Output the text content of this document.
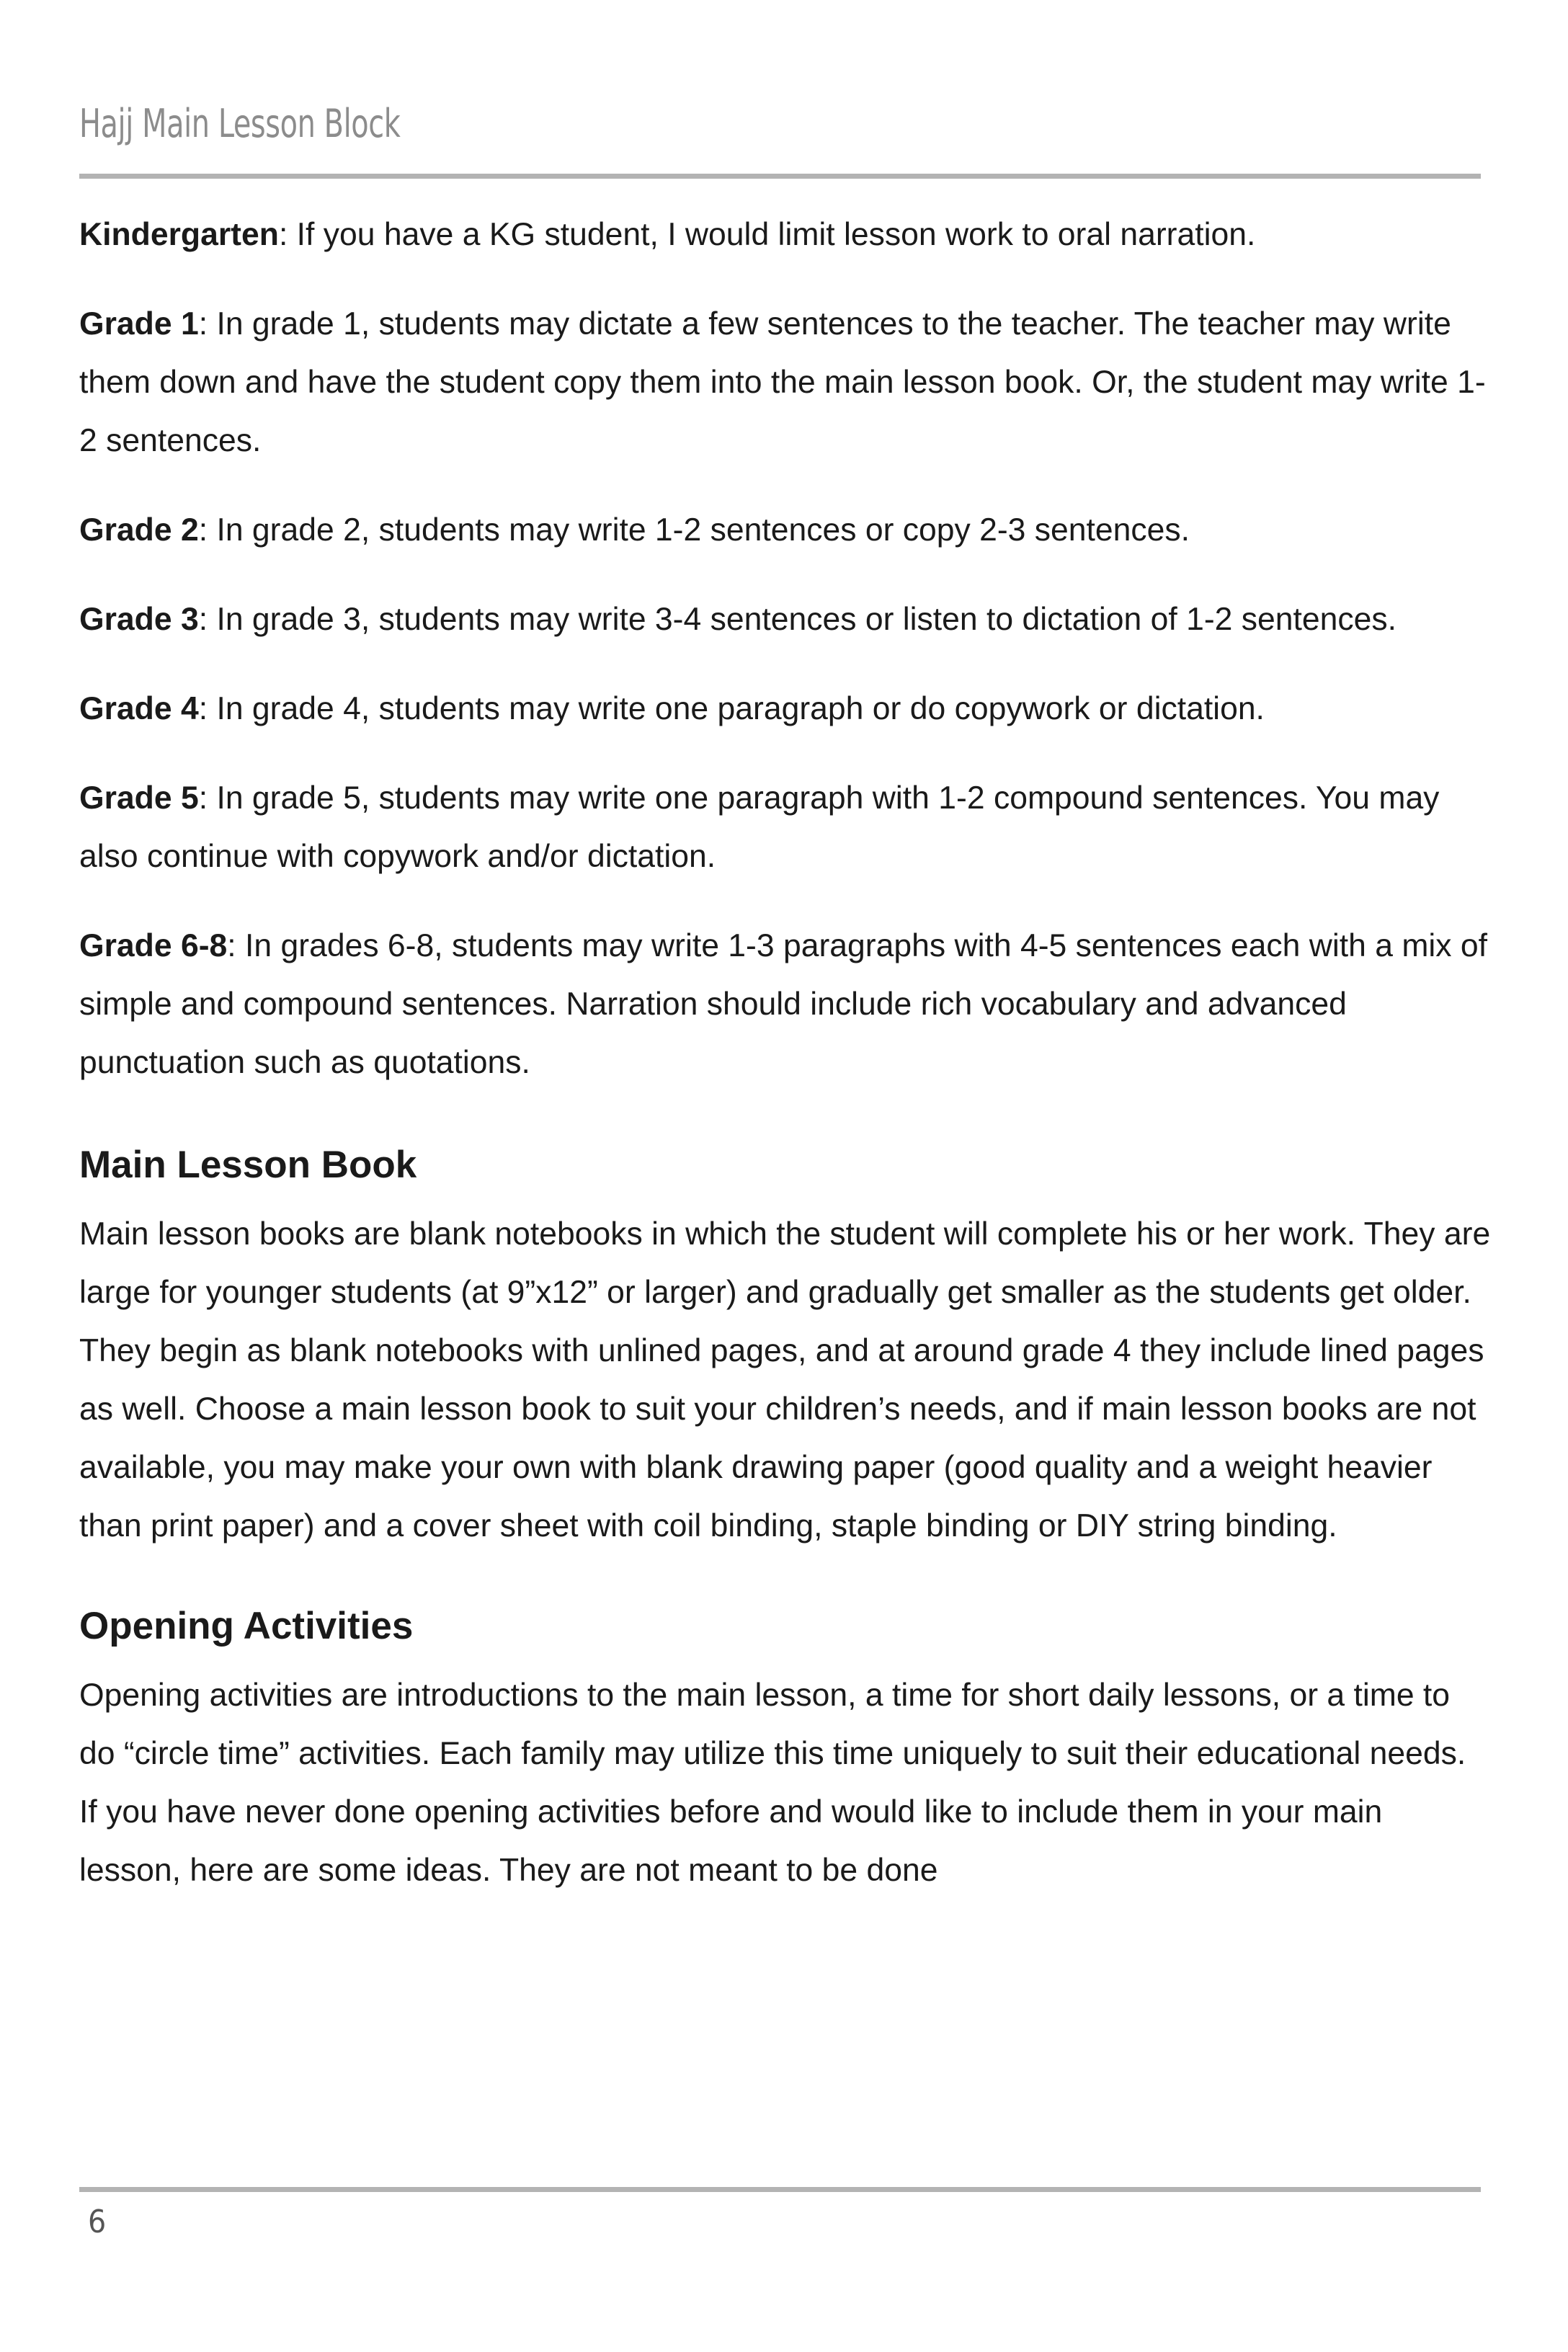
Hajj Main Lesson Block

Kindergarten: If you have a KG student, I would limit lesson work to oral narration.

Grade 1: In grade 1, students may dictate a few sentences to the teacher. The teacher may write them down and have the student copy them into the main lesson book. Or, the student may write 1-2 sentences.

Grade 2: In grade 2, students may write 1-2 sentences or copy 2-3 sentences.

Grade 3: In grade 3, students may write 3-4 sentences or listen to dictation of 1-2 sentences.

Grade 4: In grade 4, students may write one paragraph or do copywork or dictation.

Grade 5: In grade 5, students may write one paragraph with 1-2 compound sentences. You may also continue with copywork and/or dictation.

Grade 6-8: In grades 6-8, students may write 1-3 paragraphs with 4-5 sentences each with a mix of simple and compound sentences. Narration should include rich vocabulary and advanced punctuation such as quotations.

Main Lesson Book

Main lesson books are blank notebooks in which the student will complete his or her work. They are large for younger students (at 9”x12” or larger) and gradually get smaller as the students get older. They begin as blank notebooks with unlined pages, and at around grade 4 they include lined pages as well. Choose a main lesson book to suit your children’s needs, and if main lesson books are not available, you may make your own with blank drawing paper (good quality and a weight heavier than print paper) and a cover sheet with coil binding, staple binding or DIY string binding.

Opening Activities

Opening activities are introductions to the main lesson, a time for short daily lessons, or a time to do “circle time” activities. Each family may utilize this time uniquely to suit their educational needs. If you have never done opening activities before and would like to include them in your main lesson, here are some ideas. They are not meant to be done

6
